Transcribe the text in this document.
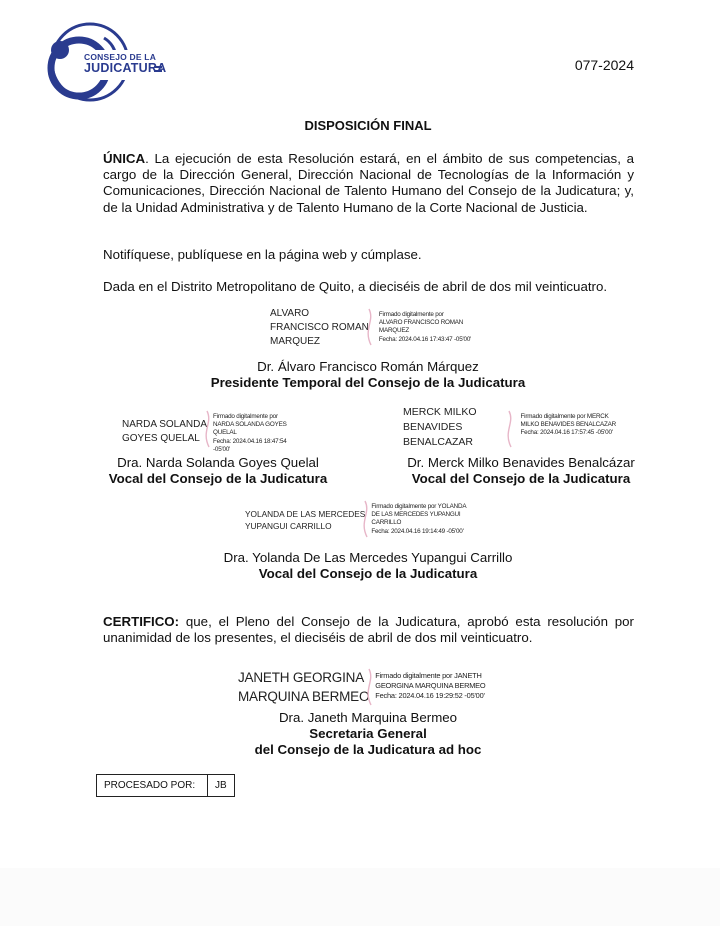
CONSEJO DE LA
JUDICATURA	077-2024
DISPOSICIÓN FINAL
ÚNICA. La ejecución de esta Resolución estará, en el ámbito de sus competencias, a cargo de la Dirección General, Dirección Nacional de Tecnologías de la Información y Comunicaciones, Dirección Nacional de Talento Humano del Consejo de la Judicatura; y, de la Unidad Administrativa y de Talento Humano de la Corte Nacional de Justicia.
Notifíquese, publíquese en la página web y cúmplase.
Dada en el Distrito Metropolitano de Quito, a dieciséis de abril de dos mil veinticuatro.
ALVARO
FRANCISCO ROMAN
MARQUEZ
Firmado digitalmente por
ALVARO FRANCISCO ROMAN
MARQUEZ
Fecha: 2024.04.16 17:43:47 -05'00'
Dr. Álvaro Francisco Román Márquez
Presidente Temporal del Consejo de la Judicatura
NARDA SOLANDA
GOYES QUELAL
Firmado digitalmente por
NARDA SOLANDA GOYES
QUELAL
Fecha: 2024.04.16 18:47:54
-05'00'
MERCK MILKO
BENAVIDES
BENALCAZAR
Firmado digitalmente por MERCK
MILKO BENAVIDES BENALCAZAR
Fecha: 2024.04.16 17:57:45 -05'00'
Dra. Narda Solanda Goyes Quelal
Vocal del Consejo de la Judicatura
Dr. Merck Milko Benavides Benalcázar
Vocal del Consejo de la Judicatura
YOLANDA DE LAS MERCEDES
YUPANGUI CARRILLO
Firmado digitalmente por YOLANDA
DE LAS MERCEDES YUPANGUI
CARRILLO
Fecha: 2024.04.16 19:14:49 -05'00'
Dra. Yolanda De Las Mercedes Yupangui Carrillo
Vocal del Consejo de la Judicatura
CERTIFICO: que, el Pleno del Consejo de la Judicatura, aprobó esta resolución por unanimidad de los presentes, el dieciséis de abril de dos mil veinticuatro.
JANETH GEORGINA
MARQUINA BERMEO
Firmado digitalmente por JANETH
GEORGINA MARQUINA BERMEO
Fecha: 2024.04.16 19:29:52 -05'00'
Dra. Janeth Marquina Bermeo
Secretaria General
del Consejo de la Judicatura ad hoc
PROCESADO POR:	JB
